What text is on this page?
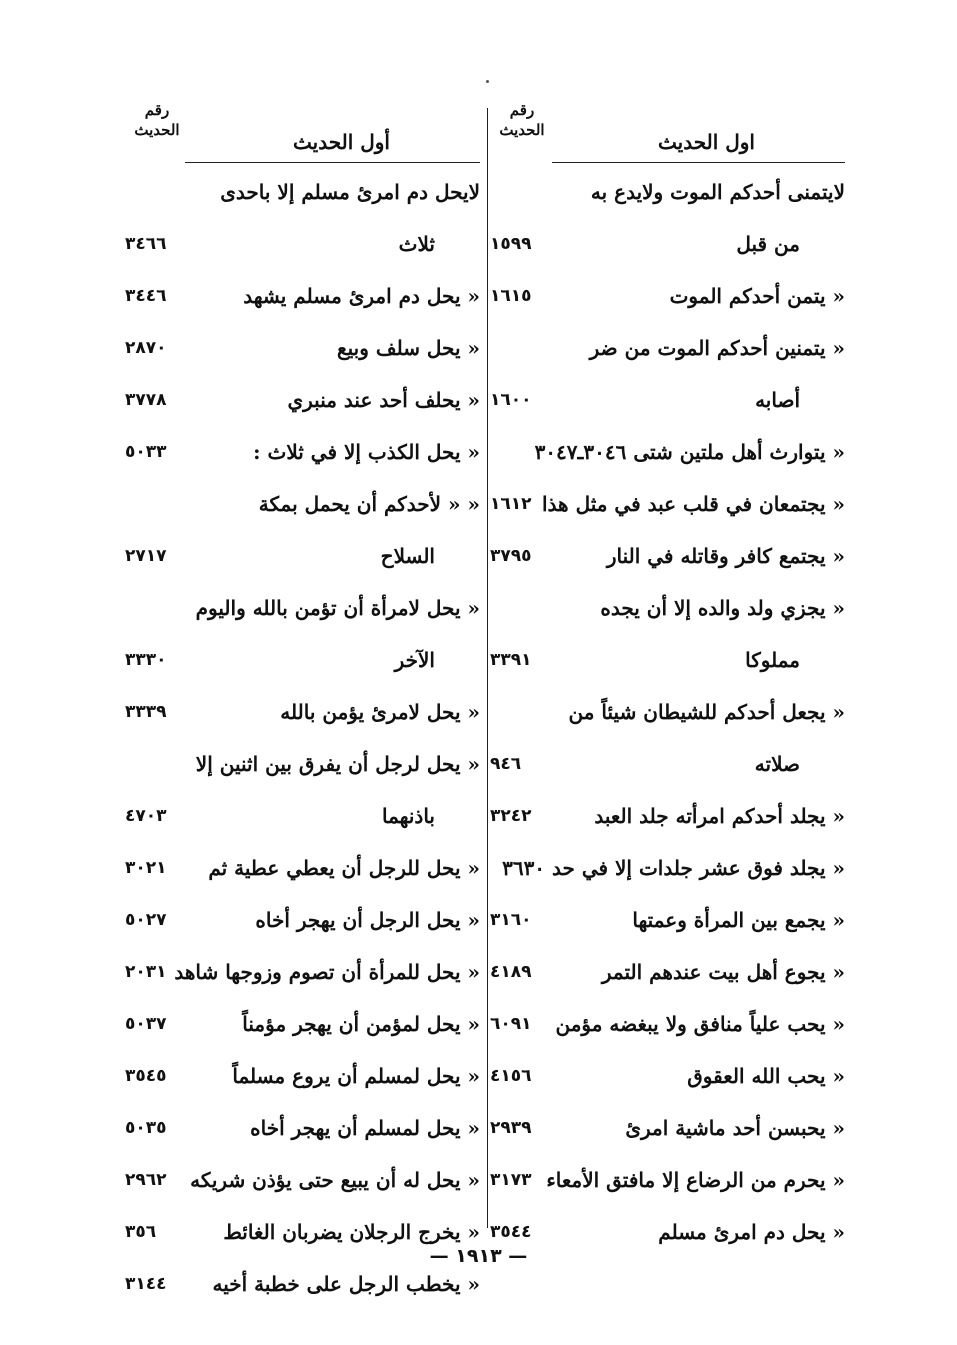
اول الحديث
رقم الحديث
لايتمنى أحدكم الموت ولايدع به
من قبل
١٥٩٩
« يتمن أحدكم الموت
١٦١٥
« يتمنين أحدكم الموت من ضر
أصابه
١٦٠٠
« يتوارث أهل ملتين شتى ٣٠٤٦ـ٣٠٤٧
« يجتمعان في قلب عبد في مثل هذا
١٦١٢
« يجتمع كافر وقاتله في النار
٣٧٩٥
« يجزي ولد والده إلا أن يجده
مملوكا
٣٣٩١
« يجعل أحدكم للشيطان شيئاً من
صلاته
٩٤٦
« يجلد أحدكم امرأته جلد العبد
٣٢٤٢
« يجلد فوق عشر جلدات إلا في حد ٣٦٣٠
« يجمع بين المرأة وعمتها
٣١٦٠
« يجوع أهل بيت عندهم التمر
٤١٨٩
« يحب علياً منافق ولا يبغضه مؤمن
٦٠٩١
« يحب الله العقوق
٤١٥٦
« يحبسن أحد ماشية امرئ
٢٩٣٩
« يحرم من الرضاع إلا مافتق الأمعاء
٣١٧٣
« يحل دم امرئ مسلم
٣٥٤٤
أول الحديث
رقم الحديث
لايحل دم امرئ مسلم إلا باحدى
ثلاث
٣٤٦٦
« يحل دم امرئ مسلم يشهد
٣٤٤٦
« يحل سلف وبيع
٢٨٧٠
« يحلف أحد عند منبري
٣٧٧٨
« يحل الكذب إلا في ثلاث :
٥٠٣٣
« « لأحدكم أن يحمل بمكة
السلاح
٢٧١٧
« يحل لامرأة أن تؤمن بالله واليوم
الآخر
٣٣٣٠
« يحل لامرئ يؤمن بالله
٣٣٣٩
« يحل لرجل أن يفرق بين اثنين إلا
باذنهما
٤٧٠٣
« يحل للرجل أن يعطي عطية ثم
٣٠٢١
« يحل الرجل أن يهجر أخاه
٥٠٢٧
« يحل للمرأة أن تصوم وزوجها شاهد
٢٠٣١
« يحل لمؤمن أن يهجر مؤمناً
٥٠٣٧
« يحل لمسلم أن يروع مسلماً
٣٥٤٥
« يحل لمسلم أن يهجر أخاه
٥٠٣٥
« يحل له أن يبيع حتى يؤذن شريكه
٢٩٦٢
« يخرج الرجلان يضربان الغائط
٣٥٦
« يخطب الرجل على خطبة أخيه
٣١٤٤
— ١٩١٣ —
